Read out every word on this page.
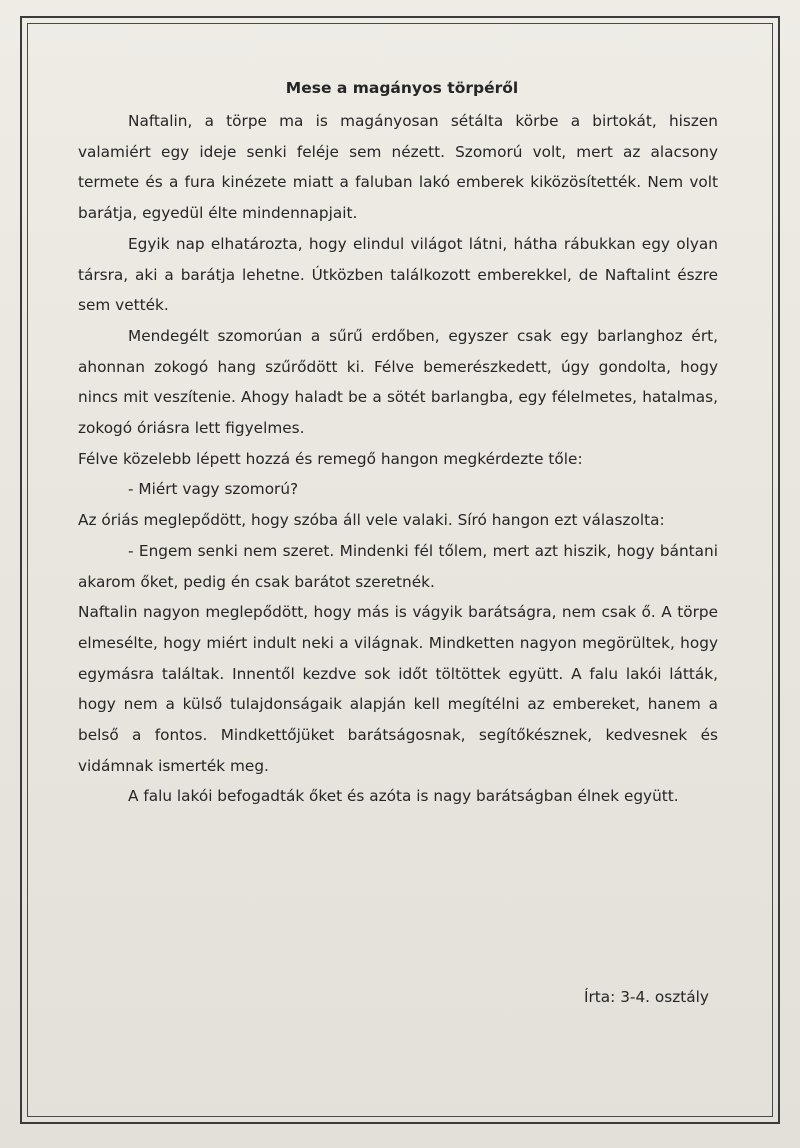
Mese a magányos törpéről

Naftalin, a törpe ma is magányosan sétálta körbe a birtokát, hiszen valamiért egy ideje senki feléje sem nézett. Szomorú volt, mert az alacsony termete és a fura kinézete miatt a faluban lakó emberek kiközösítették. Nem volt barátja, egyedül élte mindennapjait.

Egyik nap elhatározta, hogy elindul világot látni, hátha rábukkan egy olyan társra, aki a barátja lehetne. Útközben találkozott emberekkel, de Naftalint észre sem vették.

Mendegélt szomorúan a sűrű erdőben, egyszer csak egy barlanghoz ért, ahonnan zokogó hang szűrődött ki. Félve bemerészkedett, úgy gondolta, hogy nincs mit veszítenie. Ahogy haladt be a sötét barlangba, egy félelmetes, hatalmas, zokogó óriásra lett figyelmes.

Félve közelebb lépett hozzá és remegő hangon megkérdezte tőle:

- Miért vagy szomorú?

Az óriás meglepődött, hogy szóba áll vele valaki. Síró hangon ezt válaszolta:

- Engem senki nem szeret. Mindenki fél tőlem, mert azt hiszik, hogy bántani akarom őket, pedig én csak barátot szeretnék.

Naftalin nagyon meglepődött, hogy más is vágyik barátságra, nem csak ő. A törpe elmesélte, hogy miért indult neki a világnak. Mindketten nagyon megörültek, hogy egymásra találtak. Innentől kezdve sok időt töltöttek együtt. A falu lakói látták, hogy nem a külső tulajdonságaik alapján kell megítélni az embereket, hanem a belső a fontos. Mindkettőjüket barátságosnak, segítőkésznek, kedvesnek és vidámnak ismerték meg.

A falu lakói befogadták őket és azóta is nagy barátságban élnek együtt.

Írta: 3-4. osztály
